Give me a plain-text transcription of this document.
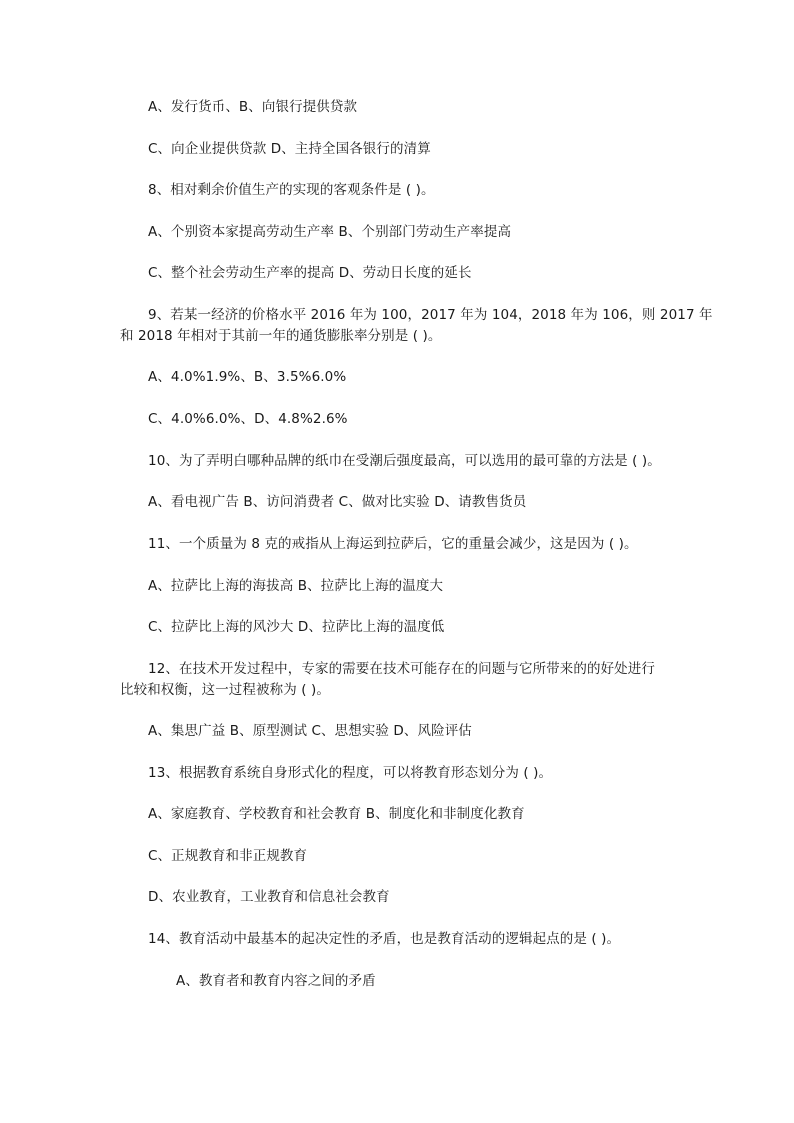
A、发行货币、B、向银行提供贷款
C、向企业提供贷款 D、主持全国各银行的清算
8、相对剩余价值生产的实现的客观条件是 ( )。
A、个别资本家提高劳动生产率 B、个别部门劳动生产率提高
C、整个社会劳动生产率的提高 D、劳动日长度的延长
9、若某一经济的价格水平 2016 年为 100，2017 年为 104，2018 年为 106，则 2017 年
和 2018 年相对于其前一年的通货膨胀率分别是 ( )。
A、4.0%1.9%、B、3.5%6.0%
C、4.0%6.0%、D、4.8%2.6%
10、为了弄明白哪种品牌的纸巾在受潮后强度最高，可以选用的最可靠的方法是 ( )。
A、看电视广告 B、访问消费者 C、做对比实验 D、请教售货员
11、一个质量为 8 克的戒指从上海运到拉萨后，它的重量会减少，这是因为 ( )。
A、拉萨比上海的海拔高 B、拉萨比上海的温度大
C、拉萨比上海的风沙大 D、拉萨比上海的温度低
12、在技术开发过程中，专家的需要在技术可能存在的问题与它所带来的的好处进行
比较和权衡，这一过程被称为 ( )。
A、集思广益 B、原型测试 C、思想实验 D、风险评估
13、根据教育系统自身形式化的程度，可以将教育形态划分为 ( )。
A、家庭教育、学校教育和社会教育 B、制度化和非制度化教育
C、正规教育和非正规教育
D、农业教育，工业教育和信息社会教育
14、教育活动中最基本的起决定性的矛盾，也是教育活动的逻辑起点的是 ( )。
A、教育者和教育内容之间的矛盾
